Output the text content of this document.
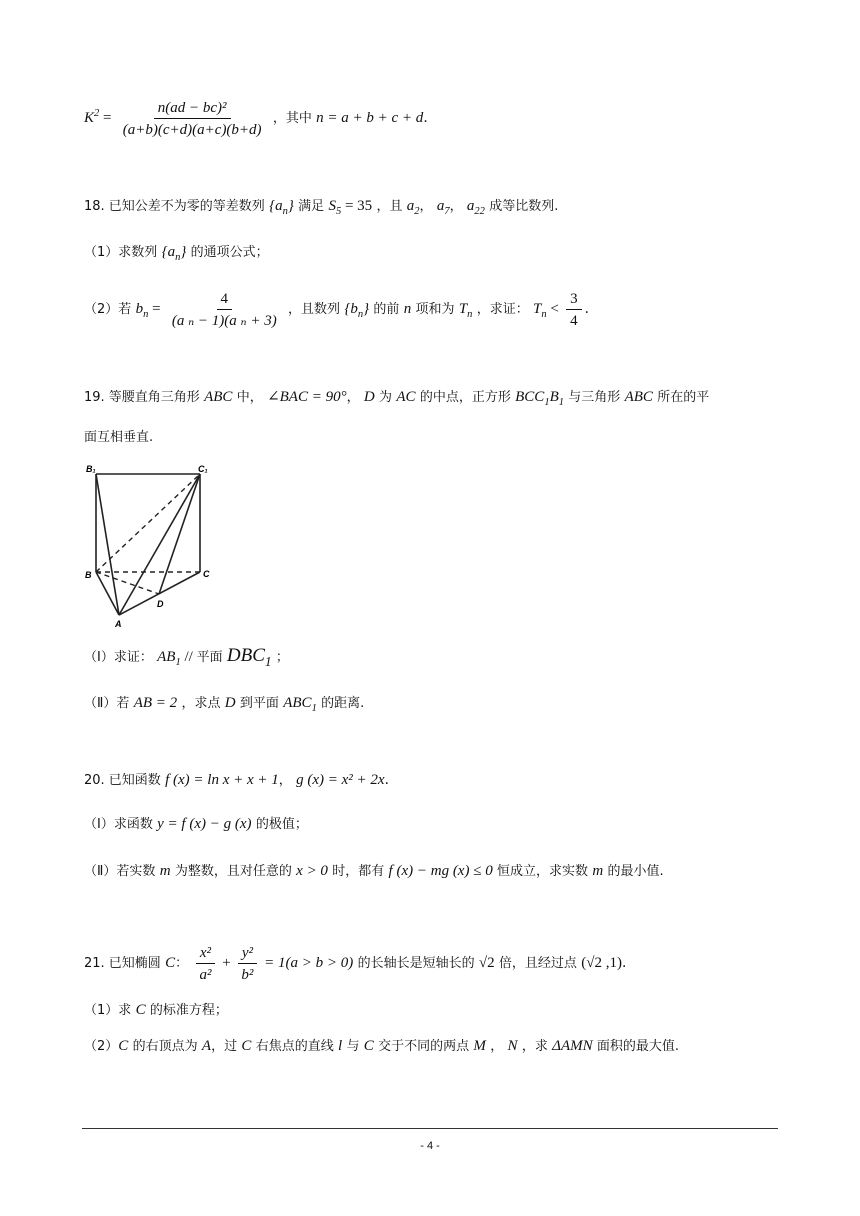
$K^2 = \frac{\text{n(ad − bc)²}}{(a+b)(c+d)(a+c)(b+d)}$ ，其中 n = a + b + c + d.
18. 已知公差不为零的等差数列 $\{a_n\}$ 满足 $S_5 = 35$ ，且 $a_2$， $a_7$， $a_{22}$ 成等比数列.
（1）求数列 $\{a_n\}$ 的通项公式；
（2）若 $b_n = \frac{4}{\text{(a ₙ − 1)(a ₙ + 3)}}$ ，且数列 $\{b_n\}$ 的前 n 项和为 $T_n$ ，求证： $T_n < \frac{3}{4}$ .
19. 等腰直角三角形 ABC 中， ∠BAC = 90°， D 为 AC 的中点，正方形 $BCC_1B_1$ 与三角形 ABC 所在的平
面互相垂直.
B₁	C₁
B	C
D
A
（Ⅰ）求证： $AB_1$ // 平面 $DBC_1$ ；
（Ⅱ）若 AB = 2 ，求点 D 到平面 $ABC_1$ 的距离.
20. 已知函数 f (x) = ln x + x + 1， g (x) = x² + 2x.
（Ⅰ）求函数 y = f (x) − g (x) 的极值；
（Ⅱ）若实数 m 为整数，且对任意的 x > 0 时，都有 f (x) − mg (x) ≤ 0 恒成立，求实数 m 的最小值.
21. 已知椭圆 C： $\frac{\text{x²}}{\text{a²}} + \frac{\text{y²}}{\text{b²}} = 1(a > b > 0)$ 的长轴长是短轴长的 √2 倍，且经过点 (√2 ,1).
（1）求 C 的标准方程；
（2）C 的右顶点为 A，过 C 右焦点的直线 l 与 C 交于不同的两点 M ， N ，求 ΔAMN 面积的最大值.
- 4 -
